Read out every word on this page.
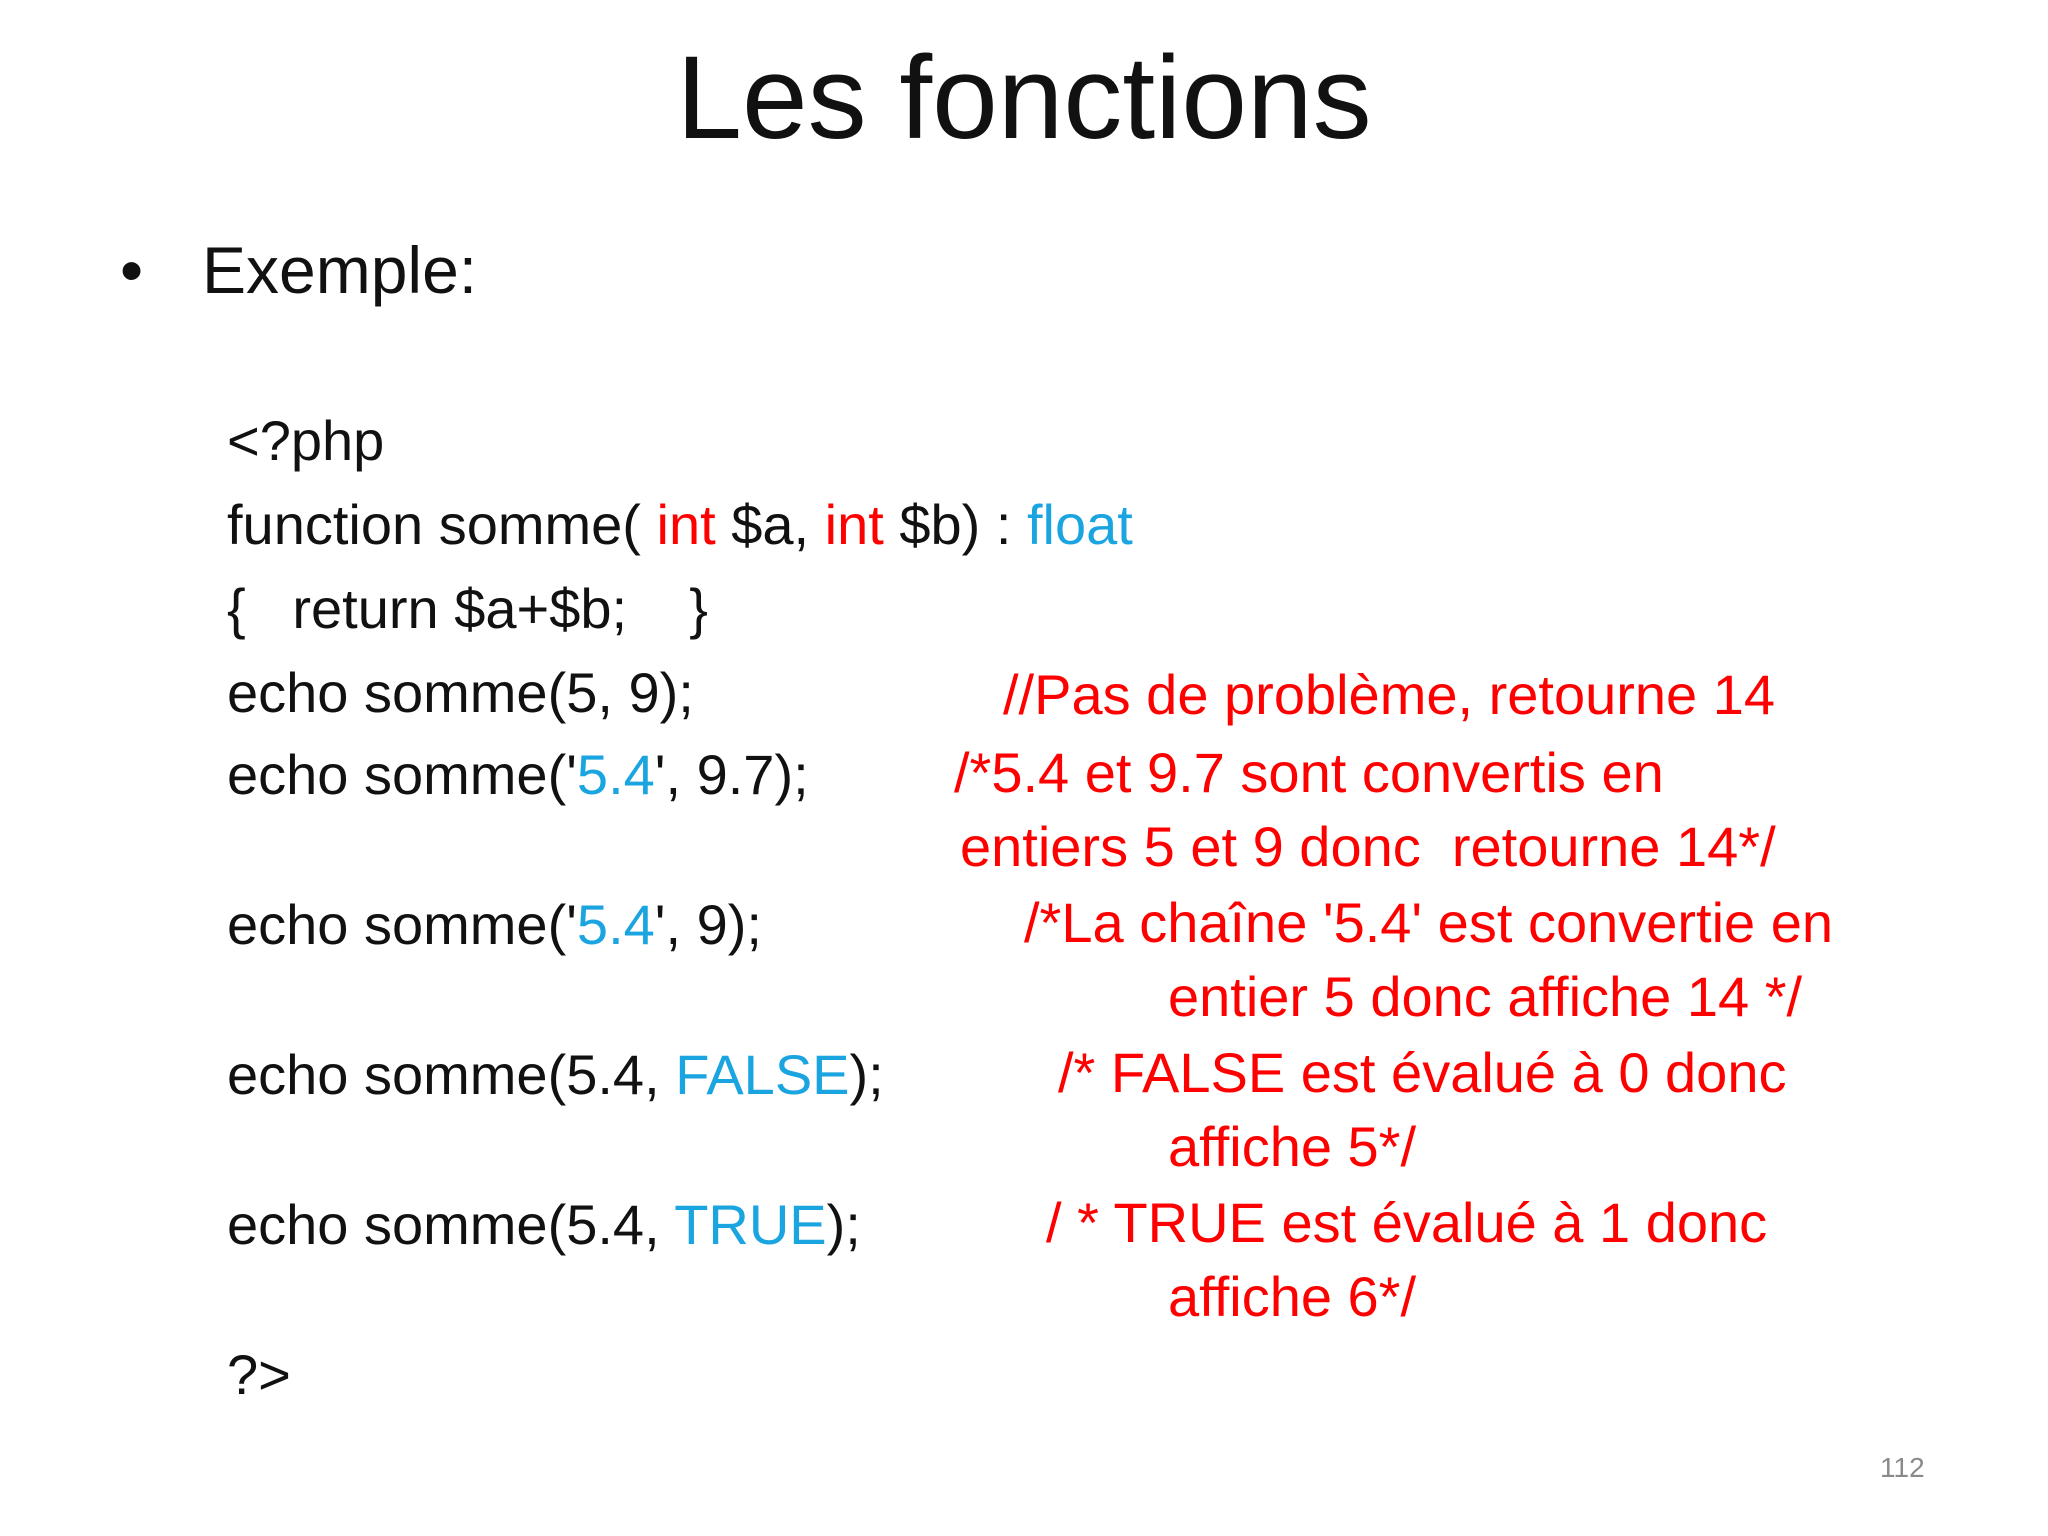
Les fonctions
• Exemple:
<?php
function somme( int $a, int $b) : float
{   return $a+$b;    }
echo somme(5, 9);
echo somme('5.4', 9.7);
echo somme('5.4', 9);
echo somme(5.4, FALSE);
echo somme(5.4, TRUE);
?>
//Pas de problème, retourne 14
/*5.4 et 9.7 sont convertis en
entiers 5 et 9 donc  retourne 14*/
/*La chaîne '5.4' est convertie en
entier 5 donc affiche 14 */
/* FALSE est évalué à 0 donc
affiche 5*/
/ * TRUE est évalué à 1 donc
affiche 6*/
112
